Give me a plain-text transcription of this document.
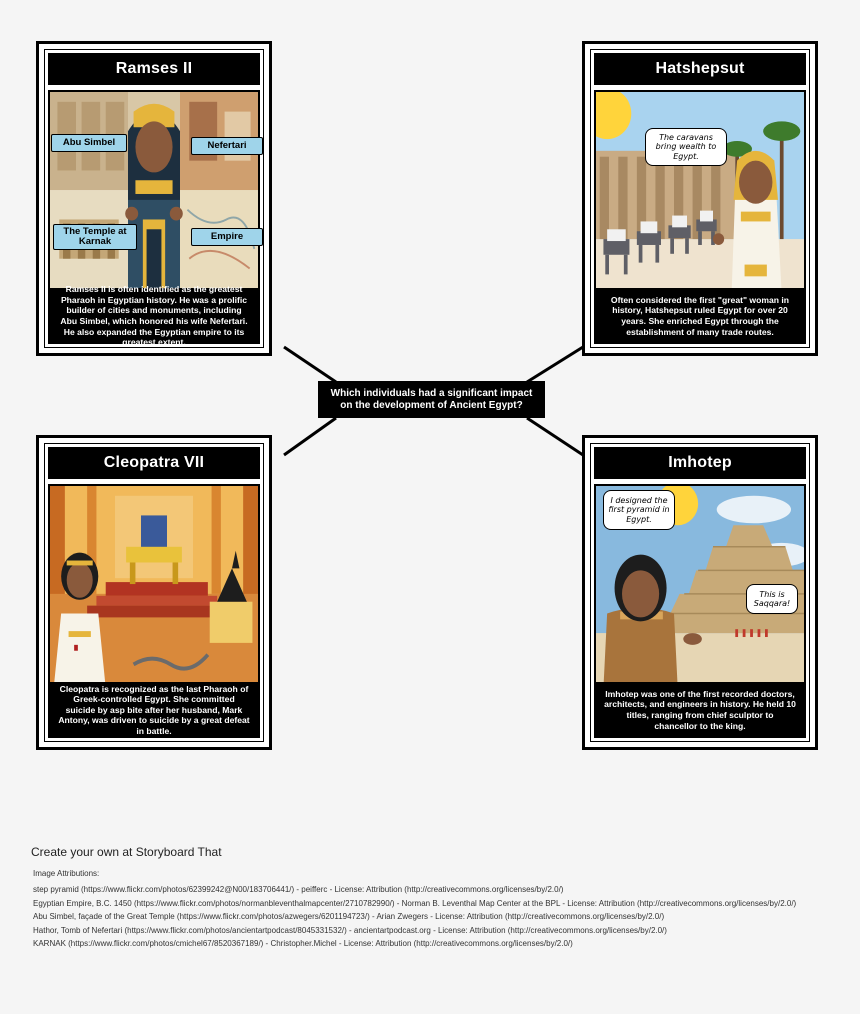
Ramses II
Abu Simbel	Nefertari
The Temple at Karnak	Empire
Ramses II is often identified as the greatest Pharaoh in Egyptian history. He was a prolific builder of cities and monuments, including Abu Simbel, which honored his wife Nefertari. He also expanded the Egyptian empire to its greatest extent.
Hatshepsut
The caravans bring wealth to Egypt.
Often considered the first "great" woman in history, Hatshepsut ruled Egypt for over 20 years. She enriched Egypt through the establishment of many trade routes.
Which individuals had a significant impact on the development of Ancient Egypt?
Cleopatra VII
Cleopatra is recognized as the last Pharaoh of Greek-controlled Egypt. She committed suicide by asp bite after her husband, Mark Antony, was driven to suicide by a great defeat in battle.
Imhotep
I designed the first pyramid in Egypt.
This is Saqqara!
Imhotep was one of the first recorded doctors, architects, and engineers in history. He held 10 titles, ranging from chief sculptor to chancellor to the king.
Create your own at Storyboard That
Image Attributions:
step pyramid (https://www.flickr.com/photos/62399242@N00/183706441/) - peifferc - License: Attribution (http://creativecommons.org/licenses/by/2.0/)
Egyptian Empire, B.C. 1450 (https://www.flickr.com/photos/normanbleventhalmapcenter/2710782990/) - Norman B. Leventhal Map Center at the BPL - License: Attribution (http://creativecommons.org/licenses/by/2.0/)
Abu Simbel, façade of the Great Temple (https://www.flickr.com/photos/azwegers/6201194723/) - Arian Zwegers - License: Attribution (http://creativecommons.org/licenses/by/2.0/)
Hathor, Tomb of Nefertari (https://www.flickr.com/photos/ancientartpodcast/8045331532/) - ancientartpodcast.org - License: Attribution (http://creativecommons.org/licenses/by/2.0/)
KARNAK (https://www.flickr.com/photos/cmichel67/8520367189/) - Christopher.Michel - License: Attribution (http://creativecommons.org/licenses/by/2.0/)
